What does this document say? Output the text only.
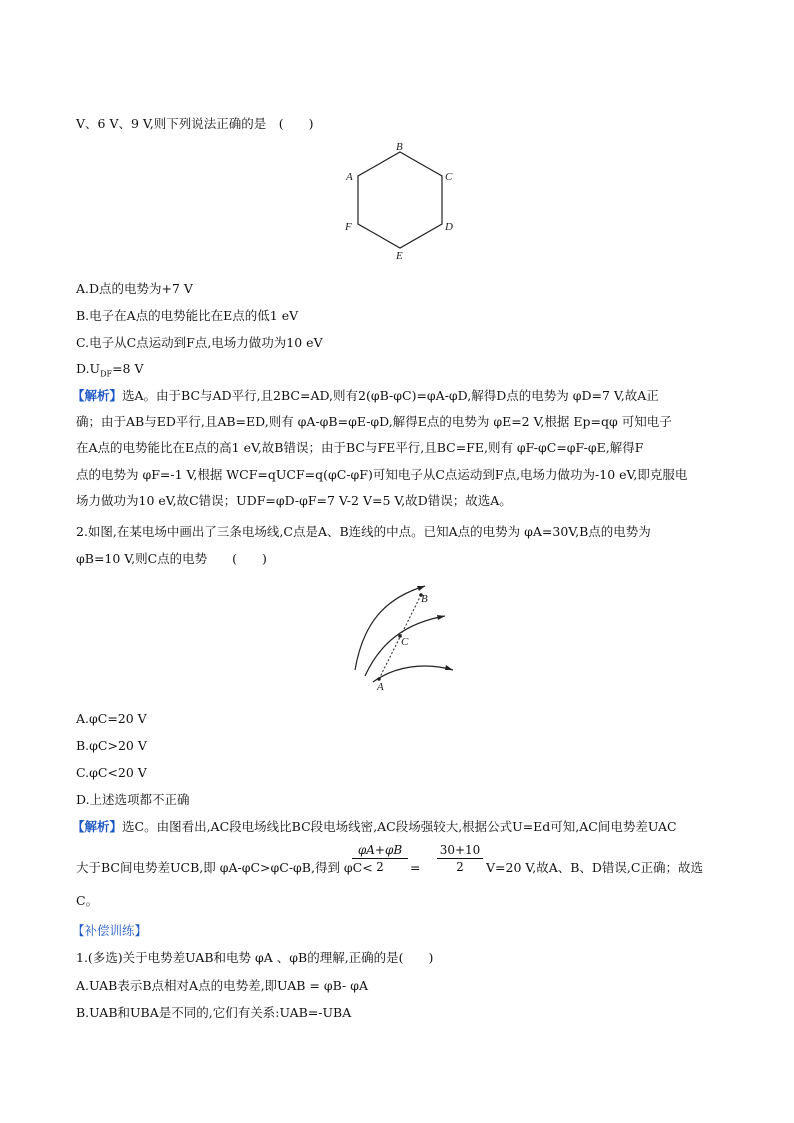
V、6 V、9 V,则下列说法正确的是　(　　)
B
C
D
E
F
A
A.D点的电势为+7 V
B.电子在A点的电势能比在E点的低1 eV
C.电子从C点运动到F点,电场力做功为10 eV
$D.U_{DF}=8$ V
【解析】选A。由于BC与AD平行,且2BC=AD,则有2(φB-φC)=φA-φD,解得D点的电势为 φD=7 V,故A正
确；由于AB与ED平行,且AB=ED,则有 φA-φB=φE-φD,解得E点的电势为 φE=2 V,根据 Ep=qφ 可知电子
在A点的电势能比在E点的高1 eV,故B错误；由于BC与FE平行,且BC=FE,则有 φF-φC=φF-φE,解得F
点的电势为 φF=-1 V,根据 WCF=qUCF=q(φC-φF)可知电子从C点运动到F点,电场力做功为-10 eV,即克服电
场力做功为10 eV,故C错误；UDF=φD-φF=7 V-2 V=5 V,故D错误；故选A。
2.如图,在某电场中画出了三条电场线,C点是A、B连线的中点。已知A点的电势为 φA=30V,B点的电势为
φB=10 V,则C点的电势　　(　　)
B
C
A
A.φC=20 V
B.φC>20 V
C.φC<20 V
D.上述选项都不正确
【解析】选C。由图看出,AC段电场线比BC段电场线密,AC段场强较大,根据公式U=Ed可知,AC间电势差UAC
大于BC间电势差UCB,即 φA-φC>φC-φB,得到 φC<
φA+φB
2	=
30+10
2	V=20 V,故A、B、D错误,C正确；故选
C。
【补偿训练】
1.(多选)关于电势差UAB和电势 φA 、φB的理解,正确的是(　　)
A.UAB表示B点相对A点的电势差,即UAB = φB- φA
B.UAB和UBA是不同的,它们有关系:UAB=-UBA
